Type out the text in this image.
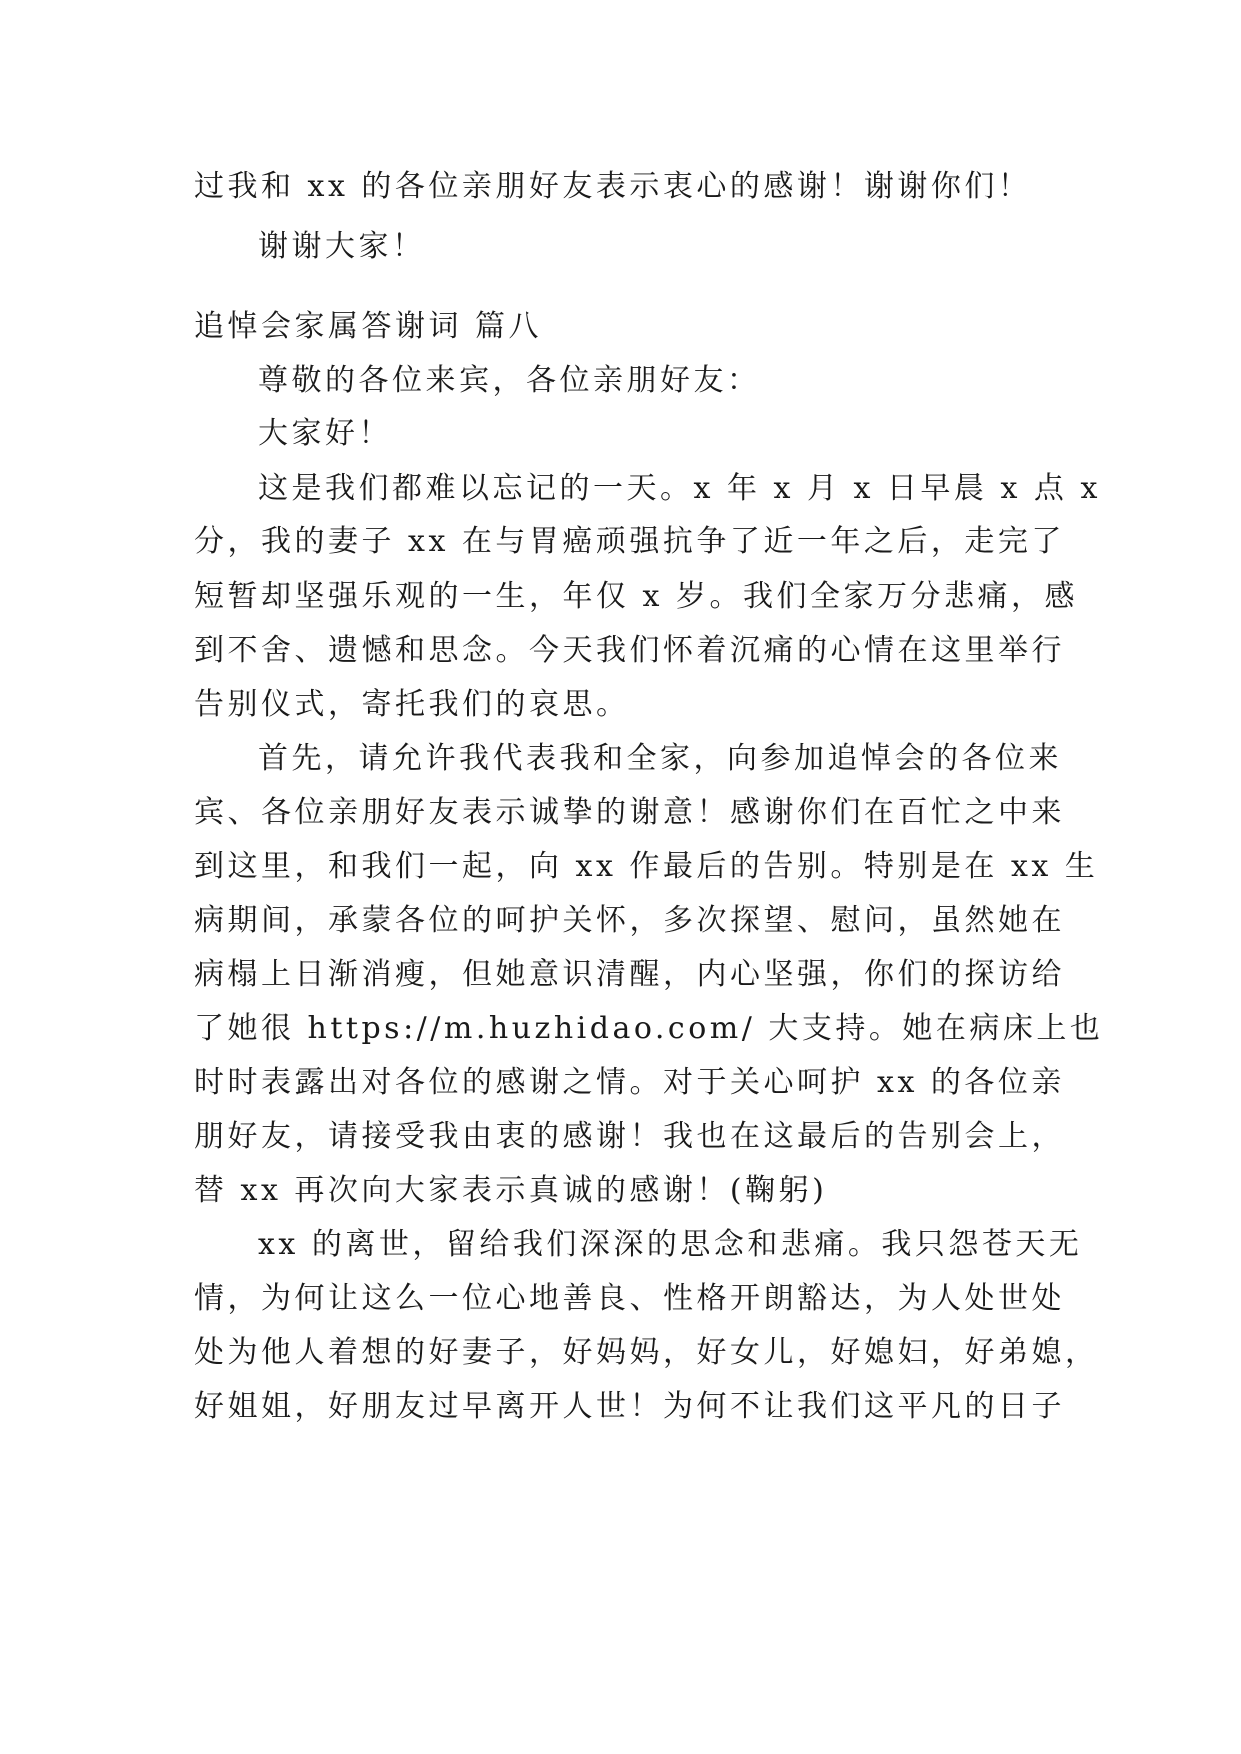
过我和 xx 的各位亲朋好友表示衷心的感谢！谢谢你们！
谢谢大家！
追悼会家属答谢词 篇八
尊敬的各位来宾，各位亲朋好友：
大家好！
这是我们都难以忘记的一天。x 年 x 月 x 日早晨 x 点 x
分，我的妻子 xx 在与胃癌顽强抗争了近一年之后，走完了
短暂却坚强乐观的一生，年仅 x 岁。我们全家万分悲痛，感
到不舍、遗憾和思念。今天我们怀着沉痛的心情在这里举行
告别仪式，寄托我们的哀思。
首先，请允许我代表我和全家，向参加追悼会的各位来
宾、各位亲朋好友表示诚挚的谢意！感谢你们在百忙之中来
到这里，和我们一起，向 xx 作最后的告别。特别是在 xx 生
病期间，承蒙各位的呵护关怀，多次探望、慰问，虽然她在
病榻上日渐消瘦，但她意识清醒，内心坚强，你们的探访给
了她很 https://m.huzhidao.com/ 大支持。她在病床上也
时时表露出对各位的感谢之情。对于关心呵护 xx 的各位亲
朋好友，请接受我由衷的感谢！我也在这最后的告别会上，
替 xx 再次向大家表示真诚的感谢！(鞠躬)
xx 的离世，留给我们深深的思念和悲痛。我只怨苍天无
情，为何让这么一位心地善良、性格开朗豁达，为人处世处
处为他人着想的好妻子，好妈妈，好女儿，好媳妇，好弟媳，
好姐姐，好朋友过早离开人世！为何不让我们这平凡的日子
